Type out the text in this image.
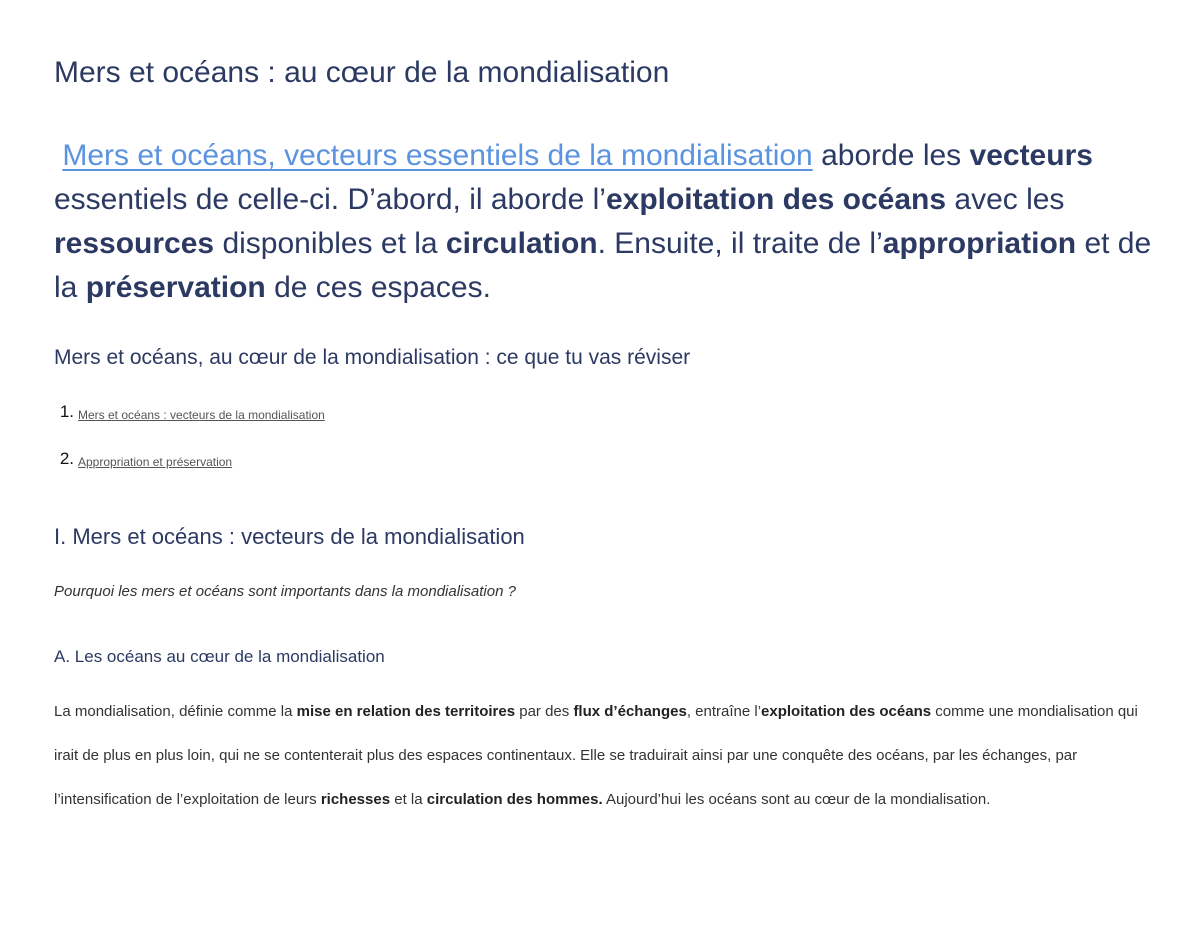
Mers et océans : au cœur de la mondialisation

Mers et océans, vecteurs essentiels de la mondialisation aborde les vecteurs essentiels de celle-ci. D’abord, il aborde l’exploitation des océans avec les ressources disponibles et la circulation. Ensuite, il traite de l’appropriation et de la préservation de ces espaces.

Mers et océans, au cœur de la mondialisation : ce que tu vas réviser
1. Mers et océans : vecteurs de la mondialisation
2. Appropriation et préservation
I. Mers et océans : vecteurs de la mondialisation
Pourquoi les mers et océans sont importants dans la mondialisation ?
A. Les océans au cœur de la mondialisation

La mondialisation, définie comme la mise en relation des territoires par des flux d’échanges, entraîne l’exploitation des océans comme une mondialisation qui irait de plus en plus loin, qui ne se contenterait plus des espaces continentaux. Elle se traduirait ainsi par une conquête des océans, par les échanges, par l’intensification de l’exploitation de leurs richesses et la circulation des hommes. Aujourd’hui les océans sont au cœur de la mondialisation.
